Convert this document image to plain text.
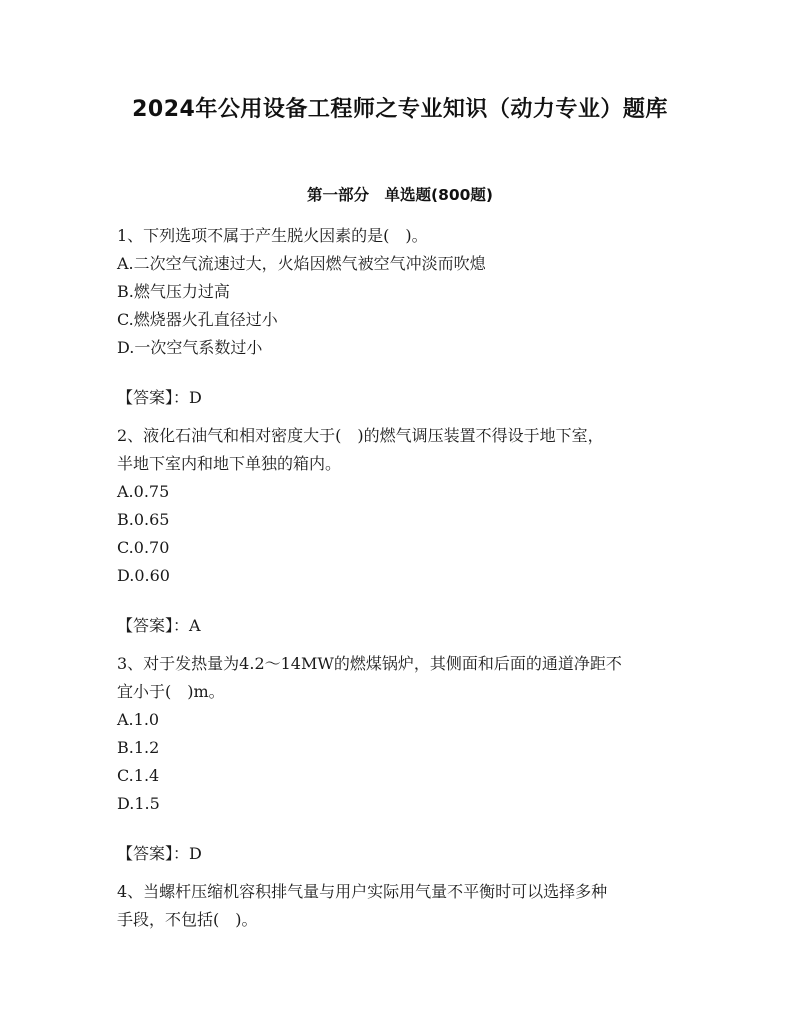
2024年公用设备工程师之专业知识（动力专业）题库
第一部分　单选题(800题)
1、下列选项不属于产生脱火因素的是(　)。
A.二次空气流速过大，火焰因燃气被空气冲淡而吹熄
B.燃气压力过高
C.燃烧器火孔直径过小
D.一次空气系数过小
【答案】：D
2、液化石油气和相对密度大于(　)的燃气调压装置不得设于地下室，
半地下室内和地下单独的箱内。
A.0.75
B.0.65
C.0.70
D.0.60
【答案】：A
3、对于发热量为4.2～14MW的燃煤锅炉，其侧面和后面的通道净距不
宜小于(　)m。
A.1.0
B.1.2
C.1.4
D.1.5
【答案】：D
4、当螺杆压缩机容积排气量与用户实际用气量不平衡时可以选择多种
手段，不包括(　)。
